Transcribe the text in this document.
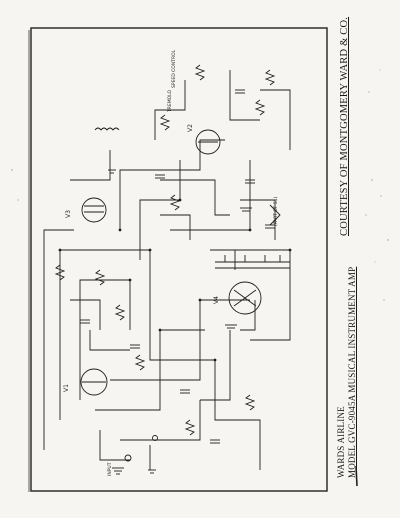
V1
V2
V3
V4
SPEED CONTROL
TREMOLO
INPUT
(PART OF S1)
WARDS AIRLINE MODEL GVC-9045A MUSICAL INSTRUMENT AMP
COURTESY OF MONTGOMERY WARD & CO.
